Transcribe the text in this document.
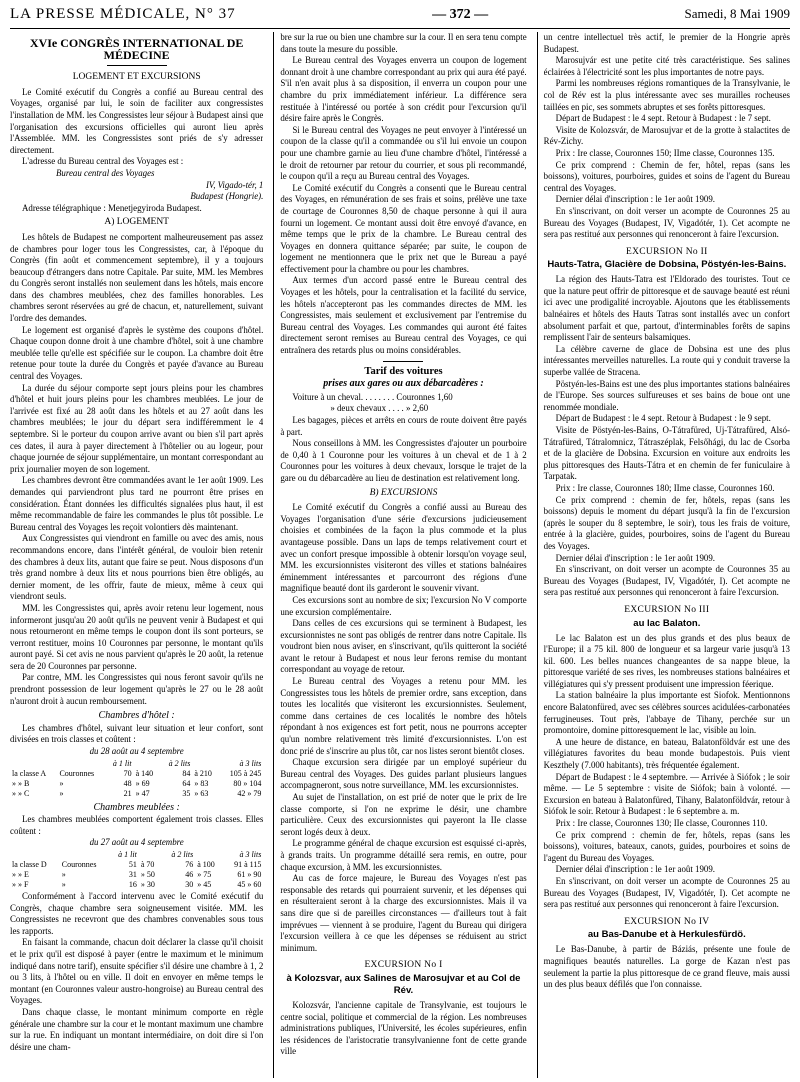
LA PRESSE MÉDICALE, N° 37	— 372 —	Samedi, 8 Mai 1909
XVIe CONGRÈS INTERNATIONAL DE MÉDECINE
LOGEMENT ET EXCURSIONS

Le Comité exécutif du Congrès a confié au Bureau central des Voyages, organisé par lui, le soin de faciliter aux congressistes l'installation de MM. les Congressistes leur séjour à Budapest ainsi que l'organisation des excursions officielles qui auront lieu après l'Assemblée. MM. les Congressistes sont priés de s'y adresser directement.

L'adresse du Bureau central des Voyages est :

Bureau central des Voyages

IV, Vigado-tér, 1

Budapest (Hongrie).

Adresse télégraphique : Menetjegyiroda Budapest.

A) LOGEMENT

Les hôtels de Budapest ne comportent malheureusement pas assez de chambres pour loger tous les Congressistes, car, à l'époque du Congrès (fin août et commencement septembre), il y a toujours beaucoup d'étrangers dans notre Capitale. Par suite, MM. les Membres du Congrès seront installés non seulement dans les hôtels, mais encore dans des chambres meublées, chez des familles honorables. Les chambres seront réservées au gré de chacun, et, naturellement, suivant l'ordre des demandes.

Le logement est organisé d'après le système des coupons d'hôtel. Chaque coupon donne droit à une chambre d'hôtel, soit à une chambre meublée telle qu'elle est spécifiée sur le coupon. La chambre doit être retenue pour toute la durée du Congrès et payée d'avance au Bureau central des Voyages.

La durée du séjour comporte sept jours pleins pour les chambres d'hôtel et huit jours pleins pour les chambres meublées. Le jour de l'arrivée est fixé au 28 août dans les hôtels et au 27 août dans les chambres meublées; le jour du départ sera indifféremment le 4 septembre. Si le porteur du coupon arrive avant ou bien s'il part après ces dates, il aura à payer directement à l'hôtelier ou au logeur, pour chaque journée de séjour supplémentaire, un montant correspondant au prix journalier moyen de son logement.

Les chambres devront être commandées avant le 1er août 1909. Les demandes qui parviendront plus tard ne pourront être prises en considération. Étant données les difficultés signalées plus haut, il est même recommandable de faire les commandes le plus tôt possible. Le Bureau central des Voyages les reçoit volontiers dès maintenant.

Aux Congressistes qui viendront en famille ou avec des amis, nous recommandons encore, dans l'intérêt général, de vouloir bien retenir des chambres à deux lits, autant que faire se peut. Nous disposons d'un très grand nombre à deux lits et nous pourrions bien être obligés, au dernier moment, de les offrir, faute de mieux, même à ceux qui viendront seuls.

MM. les Congressistes qui, après avoir retenu leur logement, nous informeront jusqu'au 20 août qu'ils ne peuvent venir à Budapest et qui nous retourneront en même temps le coupon dont ils sont porteurs, se verront restituer, moins 10 Couronnes par personne, le montant qu'ils auront payé. Si cet avis ne nous parvient qu'après le 20 août, la retenue sera de 20 Couronnes par personne.

Par contre, MM. les Congressistes qui nous feront savoir qu'ils ne prendront possession de leur logement qu'après le 27 ou le 28 août n'auront droit à aucun remboursement.

Chambres d'hôtel :

Les chambres d'hôtel, suivant leur situation et leur confort, sont divisées en trois classes et coûtent :

du 28 août au 4 septembre
		à 1 lit		à 2 lits		à 3 lits
la classe A	Couronnes	70	à 140	84	à 210	105 à 245
» » B	»	48	» 69	64	» 83	80 » 104
» » C	»	21	» 47	35	» 63	42 » 79
Chambres meublées :

Les chambres meublées comportent également trois classes. Elles coûtent :

du 27 août au 4 septembre
		à 1 lit		à 2 lits		à 3 lits
la classe D	Couronnes	51	à 70	76	à 100	91 à 115
» » E	»	31	» 50	46	» 75	61 » 90
» » F	»	16	» 30	30	» 45	45 » 60

Conformément à l'accord intervenu avec le Comité exécutif du Congrès, chaque chambre sera soigneusement visitée. MM. les Congressistes ne recevront que des chambres convenables sous tous les rapports.

En faisant la commande, chacun doit déclarer la classe qu'il choisit et le prix qu'il est disposé à payer (entre le maximum et le minimum indiqué dans notre tarif), ensuite spécifier s'il désire une chambre à 1, 2 ou 3 lits, à l'hôtel ou en ville. Il doit en envoyer en même temps le montant (en Couronnes valeur austro-hongroise) au Bureau central des Voyages.

Dans chaque classe, le montant minimum comporte en règle générale une chambre sur la cour et le montant maximum une chambre sur la rue. En indiquant un montant intermédiaire, on doit dire si l'on désire une cham-

bre sur la rue ou bien une chambre sur la cour. Il en sera tenu compte dans toute la mesure du possible.

Le Bureau central des Voyages enverra un coupon de logement donnant droit à une chambre correspondant au prix qui aura été payé. S'il n'en avait plus à sa disposition, il enverra un coupon pour une chambre du prix immédiatement inférieur. La différence sera restituée à l'intéressé ou portée à son crédit pour l'excursion qu'il désire faire après le Congrès.

Si le Bureau central des Voyages ne peut envoyer à l'intéressé un coupon de la classe qu'il a commandée ou s'il lui envoie un coupon pour une chambre garnie au lieu d'une chambre d'hôtel, l'intéressé a le droit de retourner par retour du courrier, et sous pli recommandé, le coupon qu'il a reçu au Bureau central des Voyages.

Le Comité exécutif du Congrès a consenti que le Bureau central des Voyages, en rémunération de ses frais et soins, prélève une taxe de courtage de Couronnes 8,50 de chaque personne à qui il aura fourni un logement. Ce montant aussi doit être envoyé d'avance, en même temps que le prix de la chambre. Le Bureau central des Voyages en donnera quittance séparée; par suite, le coupon de logement ne mentionnera que le prix net que le Bureau a payé effectivement pour la chambre ou pour les chambres.

Aux termes d'un accord passé entre le Bureau central des Voyages et les hôtels, pour la centralisation et la facilité du service, les hôtels n'accepteront pas les commandes directes de MM. les Congressistes, mais seulement et exclusivement par l'entremise du Bureau central des Voyages. Les commandes qui auront été faites directement seront remises au Bureau central des Voyages, ce qui entraînera des retards plus ou moins considérables.

Tarif des voitures
prises aux gares ou aux débarcadères :

Voiture à un cheval. . . . . . . . Couronnes 1,60

» deux chevaux . . . . » 2,60

Les bagages, pièces et arrêts en cours de route doivent être payés à part.

Nous conseillons à MM. les Congressistes d'ajouter un pourboire de 0,40 à 1 Couronne pour les voitures à un cheval et de 1 à 2 Couronnes pour les voitures à deux chevaux, lorsque le trajet de la gare ou du débarcadère au lieu de destination est relativement long.

B) EXCURSIONS

Le Comité exécutif du Congrès a confié aussi au Bureau des Voyages l'organisation d'une série d'excursions judicieusement choisies et combinées de la façon la plus commode et la plus avantageuse possible. Dans un laps de temps relativement court et avec un confort presque impossible à obtenir lorsqu'on voyage seul, MM. les excursionnistes visiteront des villes et stations balnéaires éminemment intéressantes et parcourront des régions d'une magnifique beauté dont ils garderont le souvenir vivant.

Ces excursions sont au nombre de six; l'excursion No V comporte une excursion complémentaire.

Dans celles de ces excursions qui se terminent à Budapest, les excursionnistes ne sont pas obligés de rentrer dans notre Capitale. Ils voudront bien nous aviser, en s'inscrivant, qu'ils quitteront la société avant le retour à Budapest et nous leur ferons remise du montant correspondant au voyage de retour.

Le Bureau central des Voyages a retenu pour MM. les Congressistes tous les hôtels de premier ordre, sans exception, dans toutes les localités que visiteront les excursionnistes. Seulement, comme dans certaines de ces localités le nombre des hôtels répondant à nos exigences est fort petit, nous ne pourrons accepter qu'un nombre relativement très limité d'excursionnistes. L'on est donc prié de s'inscrire au plus tôt, car nos listes seront bientôt closes.

Chaque excursion sera dirigée par un employé supérieur du Bureau central des Voyages. Des guides parlant plusieurs langues accompagneront, sous notre surveillance, MM. les excursionnistes.

Au sujet de l'installation, on est prié de noter que le prix de Ire classe comporte, si l'on ne exprime le désir, une chambre particulière. Ceux des excursionnistes qui payeront la IIe classe seront logés deux à deux.

Le programme général de chaque excursion est esquissé ci-après, à grands traits. Un programme détaillé sera remis, en outre, pour chaque excursion, à MM. les excursionnistes.

Au cas de force majeure, le Bureau des Voyages n'est pas responsable des retards qui pourraient survenir, et les dépenses qui en résulteraient seront à la charge des excursionnistes. Mais il va sans dire que si de pareilles circonstances — d'ailleurs tout à fait imprévues — viennent à se produire, l'agent du Bureau qui dirigera l'excursion veillera à ce que les dépenses se réduisent au strict minimum.

EXCURSION No I
à Kolozsvar, aux Salines de Marosujvar et au Col de Rév.

Kolozsvár, l'ancienne capitale de Transylvanie, est toujours le centre social, politique et commercial de la région. Les nombreuses administrations publiques, l'Université, les écoles supérieures, enfin les résidences de l'aristocratie transylvanienne font de cette grande ville

un centre intellectuel très actif, le premier de la Hongrie après Budapest.

Marosujvár est une petite cité très caractéristique. Ses salines éclairées à l'électricité sont les plus importantes de notre pays.

Parmi les nombreuses régions romantiques de la Transylvanie, le col de Rév est la plus intéressante avec ses murailles rocheuses taillées en pic, ses sommets abruptes et ses forêts pittoresques.

Départ de Budapest : le 4 sept. Retour à Budapest : le 7 sept.

Visite de Kolozsvár, de Marosujvar et de la grotte à stalactites de Rév-Zichy.

Prix : Ire classe, Couronnes 150; IIme classe, Couronnes 135.

Ce prix comprend : Chemin de fer, hôtel, repas (sans les boissons), voitures, pourboires, guides et soins de l'agent du Bureau central des Voyages.

Dernier délai d'inscription : le 1er août 1909.

En s'inscrivant, on doit verser un acompte de Couronnes 25 au Bureau des Voyages (Budapest, IV, Vigadótér, 1). Cet acompte ne sera pas restitué aux personnes qui renonceront à faire l'excursion.

EXCURSION No II
Hauts-Tatra, Glacière de Dobsina, Pöstyén-les-Bains.

La région des Hauts-Tatra est l'Eldorado des touristes. Tout ce que la nature peut offrir de pittoresque et de sauvage beauté est réuni ici avec une prodigalité incroyable. Ajoutons que les établissements balnéaires et hôtels des Hauts Tatras sont installés avec un confort absolument parfait et que, partout, d'interminables forêts de sapins remplissent l'air de senteurs balsamiques.

La célèbre caverne de glace de Dobsina est une des plus intéressantes merveilles naturelles. La route qui y conduit traverse la superbe vallée de Stracena.

Pöstyén-les-Bains est une des plus importantes stations balnéaires de l'Europe. Ses sources sulfureuses et ses bains de boue ont une renommée mondiale.

Départ de Budapest : le 4 sept. Retour à Budapest : le 9 sept.

Visite de Pöstyén-les-Bains, O-Tátrafüred, Uj-Tátrafüred, Alsó-Tátrafüred, Tátralomnicz, Tátraszéplak, Felsőhági, du lac de Csorba et de la glacière de Dobsina. Excursion en voiture aux endroits les plus pittoresques des Hauts-Tátra et en chemin de fer funiculaire à Tarpatak.

Prix : Ire classe, Couronnes 180; IIme classe, Couronnes 160.

Ce prix comprend : chemin de fer, hôtels, repas (sans les boissons) depuis le moment du départ jusqu'à la fin de l'excursion (après le souper du 8 septembre, le soir), tous les frais de voiture, entrée à la glacière, guides, pourboires, soins de l'agent du Bureau des Voyages.

Dernier délai d'inscription : le 1er août 1909.

En s'inscrivant, on doit verser un acompte de Couronnes 35 au Bureau des Voyages (Budapest, IV, Vigadótér, I). Cet acompte ne sera pas restitué aux personnes qui renonceront à faire l'excursion.

EXCURSION No III
au lac Balaton.

Le lac Balaton est un des plus grands et des plus beaux de l'Europe; il a 75 kil. 800 de longueur et sa largeur varie jusqu'à 13 kil. 600. Les belles nuances changeantes de sa nappe bleue, la pittoresque variété de ses rives, les nombreuses stations balnéaires et villégiatures qui s'y pressent produisent une impression féerique.

La station balnéaire la plus importante est Siofok. Mentionnons encore Balatonfüred, avec ses célèbres sources acidulées-carbonatées ferrugineuses. Tout près, l'abbaye de Tihany, perchée sur un promontoire, domine pittoresquement le lac, visible au loin.

A une heure de distance, en bateau, Balatonföldvár est une des villégiatures favorites du beau monde budapestois. Puis vient Keszthely (7.000 habitants), très fréquentée également.

Départ de Budapest : le 4 septembre. — Arrivée à Siófok ; le soir même. — Le 5 septembre : visite de Siófok; bain à volonté. — Excursion en bateau à Balatonfüred, Tihany, Balatonföldvár, retour à Siófok le soir. Retour à Budapest : le 6 septembre a. m.

Prix : Ire classe, Couronnes 130; IIe classe, Couronnes 110.

Ce prix comprend : chemin de fer, hôtels, repas (sans les boissons), voitures, bateaux, canots, guides, pourboires et soins de l'agent du Bureau des Voyages.

Dernier délai d'inscription : le 1er août 1909.

En s'inscrivant, on doit verser un acompte de Couronnes 25 au Bureau des Voyages (Budapest, IV, Vigadótér, I). Cet acompte ne sera pas restitué aux personnes qui renonceront à faire l'excursion.

EXCURSION No IV
au Bas-Danube et à Herkulesfürdö.

Le Bas-Danube, à partir de Báziás, présente une foule de magnifiques beautés naturelles. La gorge de Kazan n'est pas seulement la partie la plus pittoresque de ce grand fleuve, mais aussi un des plus beaux défilés que l'on connaisse.
